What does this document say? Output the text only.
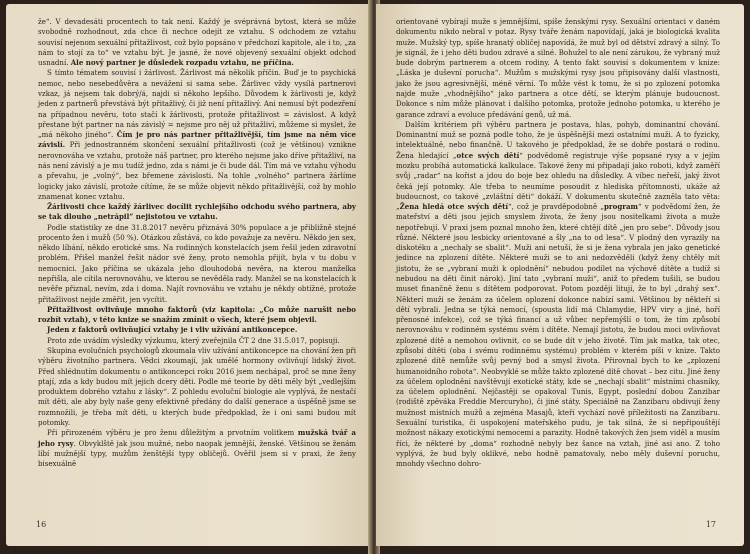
že“. V devadesáti procentech to tak není. Každý je svéprávná bytost, která se může svobodně rozhodnout, zda chce či nechce odejít ze vztahu. S odchodem ze vztahu souvisí nejenom sexuální přitažlivost, což bylo popsáno v předchozí kapitole, ale i to, „za nám to stojí za to“ ve vztahu být. Je jasné, že nové objevený sexuální objekt odchod usnadní. Ale nový partner je důsledek rozpadu vztahu, ne příčina.

S tímto tématem souvisí i žárlivost. Žárlivost má několik příčin. Buď je to psychická nemoc, nebo nesebedůvěra a nevážení si sama sebe. Žárlivec vždy vysílá partnerovi vzkaz, já nejsem tak dobrý/á, najdi si někoho lepšího. Důvodem k žárlivosti je, když jeden z partnerů převstává být přitažlivý, či již není přitažlivý. Ani nemusí být podezření na případnou nevěru, toto stačí k žárlivosti, protože přitažlivost = závislost. A když přestane být partner na nás závislý = nejsme pro něj už přitažliví, můžeme si myslet, že „má někoho jiného“. Čím je pro nás partner přitažlivější, tím jsme na něm více závislí. Při jednostranném skončení sexuální přitažlivosti (což je většinou) vznikne nerovnováha ve vztahu, protože náš partner, pro kterého nejsme jako dříve přitažliví, na nás není závislý a je mu tudíž jedno, zda s námi je či bude dál. Tím má ve vztahu výhodu a převahu, je „volný“, bez břemene závislosti. Na tohle „volného“ partnera žárlíme logicky jako závislí, protože cítíme, že se může objevit někdo přitažlivější, což by mohlo znamenat konec vztahu.

Žárlivosti chce každý žárlivec docílit rychlejšího odchodu svého partnera, aby se tak dlouho „netrápil“ nejistotou ve vztahu.

Podle statistiky ze dne 31.8.2017 nevěru přiznává 30% populace a je přibližně stejné procento žen i mužů (50 %). Otázkou zůstává, co kdo považuje za nevěru. Někdo jen sex, někdo líbání, někdo erotické sms. Na rodinných konstelacích jsem řešil jeden zdravotní problém. Přišel manžel řešit nádor své ženy, proto nemohla přijít, byla v tu dobu v nemocnici. Jako příčina se ukázala jeho dlouhodobá nevěra, na kterou manželka nepřišla, ale cítila nerovnováhu, ve kterou se nevěděla rady. Manžel se na konstelacích k nevěře přiznal, nevím, zda i doma. Najít rovnováhu ve vztahu je někdy obtížné, protože přitažlivost nejde změřit, jen vycítit.

Přitažlivost ovlivňuje mnoho faktorů (viz kapitola: „Co může narušit nebo rozbít vztah), v této knize se snažím zmínit o všech, které jsem objevil.

Jeden z faktorů ovlivňující vztahy je i vliv užívání antikoncepce.

Proto zde uvádím výsledky výzkumu, který zveřejnila ČT 2 dne 31.5.017, popisuji.

Skupina evolučních psychologů zkoumala vliv užívání antikoncepce na chování žen při výběru životního partnera. Vědci zkoumají, jak umělé hormony ovlivňují lidský život. Před shlédnutím dokumentu o antikoncepci roku 2016 jsem nechápal, proč se mne ženy ptají, zda a kdy budou mít jejich dcery děti. Podle mé teorie by děti měly být „vedlejším produktem dobrého vztahu z lásky“. Z pohledu evoluční biologie ale vyplývá, že nestačí mít děti, ale aby byly naše geny efektivně předány do další generace a úspěšně jsme se rozmnožili, je třeba mít děti, u kterých bude předpoklad, že i oni sami budou mít potomky.

Při přirozeném výběru je pro ženu důležitým a prvotním volitkem mužská tvář a jeho rysy. Obvyklště jak jsou mužné, nebo naopak jemnější, ženské. Většinou se ženám líbí mužnější typy, mužům ženštější typy obličejů. Ověřil jsem si v praxi, že ženy bisexuálně

16

orientované vybírají muže s jemnějšími, spíše ženskými rysy. Sexuální orientaci v daném dokumentu nikdo nebral v potaz. Rysy tváře ženám napovídají, jaká je biologická kvalita muže. Mužský typ, spíše hranatý obličej napovídá, že muž byl od dětství zdravý a silný. To je signál, že i jeho děti budou zdravé a silné. Bohužel to ale není zárukou, že vybraný muž bude dobrým partnerem a otcem rodiny. A tento fakt souvisí s dokumentem v knize: „Láska je duševní porucha“. Mužům s mužskými rysy jsou připisovány další vlastnosti, jako že jsou agresivnější, méně věrní. To může vést k tomu, že si po zplození potomka najde muže „vhodnějšího“ jako partnera a otce dětí, se kterým plánuje budoucnost. Dokonce s ním může plánovat i dalšího potomka, protože jednoho potomka, u kterého je garance zdraví a evoluce předávání genů, už má.

Dalším kritériem při výběru partnera je postava, hlas, pohyb, dominantní chování. Dominantní muž se pozná podle toho, že je úspěšnější mezi ostatními muži. A to fyzicky, intelektuálně, nebo finančně. U takového je předpoklad, že se dobře postará o rodinu. Žena hledající „otce svých dětí“ podvědomě registruje výše popsané rysy a v jejím mozku probíhá automatická kalkulace. Takové ženy mi připadají jako roboti, když zaměří svůj „radar“ na kořist a jdou do boje bez ohledu na důsledky. A víbec neřeší, jaký život čeká její potomky. Ale třeba to neumíme posoudit z hlediska přítomnosti, ukáže až budoucnost, co takové „zvláštní děti“ dokáží. V dokumentu skutečně zazněla tato věta: „Žena hledá otce svých dětí“, což je pravděpodobně „program“ v podvědomí žen, že mateřství a děti jsou jejich smyslem života, že ženy jsou nositelkami života a muže nepotřebují. V praxi jsem poznal mnoho žen, které chtějí dítě „jen pro sebe“. Důvody jsou různé. Některé jsou lesbicky orientované a šly „na to od lesa“. V plodný den vyrazily na diskotéku a „nechaly se sbalit“. Muži ani netuší, že si je žena vybrala jen jako genetické jedince na zplození dítěte. Některé muži se to ani nedozvěděli (když ženy chtěly mít jistotu, že se „vybraní muži k oplodnění“ nebudou podílet na výchově dítěte a tudíž si nebudou na děti činit nárok). Jiní tato „vybraní muži“, aniž to předem tušili, se budou muset finančně ženu s dítětem podporovat. Potom později litují, že to byl „drahý sex“. Některí muži se ženám za účelem oplození dokonce nabízí sami. Většinou by někteří si dětí vybrali. Jedna se týká nemocí, (spousta lidí má Chlamydie, HPV viry a jiné, hoří přenosné infekce), což se týká financí a už vůbec nepřemýšlí o tom, že tím způsobí nerovnováhu v rodinném systému svém i dítěte. Nemají jistotu, že budou moci ovlivňovat zplozené dítě a nemohou ovlivnit, co se bude dít v jeho životě. Tím jak matka, tak otec, způsobí dítěti (oba i svému rodinnému systému) problém v kterém píši v knize. Takto zplozené dítě nemůže svůj pevný bod a smysl života. Přirovnal bych to ke „zplození humanoidního robota“. Neobvyklé se může takto zplozené dítě chovat – bez citu. Jiné ženy za účelem oplodnění navštěvují exotické státy, kde se „nechají sbalit“ místními chasníky, za účelem oplodnění. Nejčastěji se opakoval Tunis, Egypt, poslední dobou Zanzibar (rodiště zpěváka Freddie Mercuryho), či jiné státy. Speciálně na Zanzibaru obdivují ženy mužnost místních mužů a zejména Masajů, kteří vychází nově příležitosti na Zanzibaru. Sexuální turistika, či uspokojení mateřského pudu, je tak silná, že si nepřipouštějí možnost nákazy exotickými nemocemi a parazity. Hodně takových žen jsem viděl a musím říci, že některé by „doma“ rozhodně nebyly bez šance na vztah, jiné asi ano. Z toho vyplývá, že bud byly oklikvé, nebo hodně pamatovaly, nebo měly duševní poruchu, mnohdy všechno dohro-

17
